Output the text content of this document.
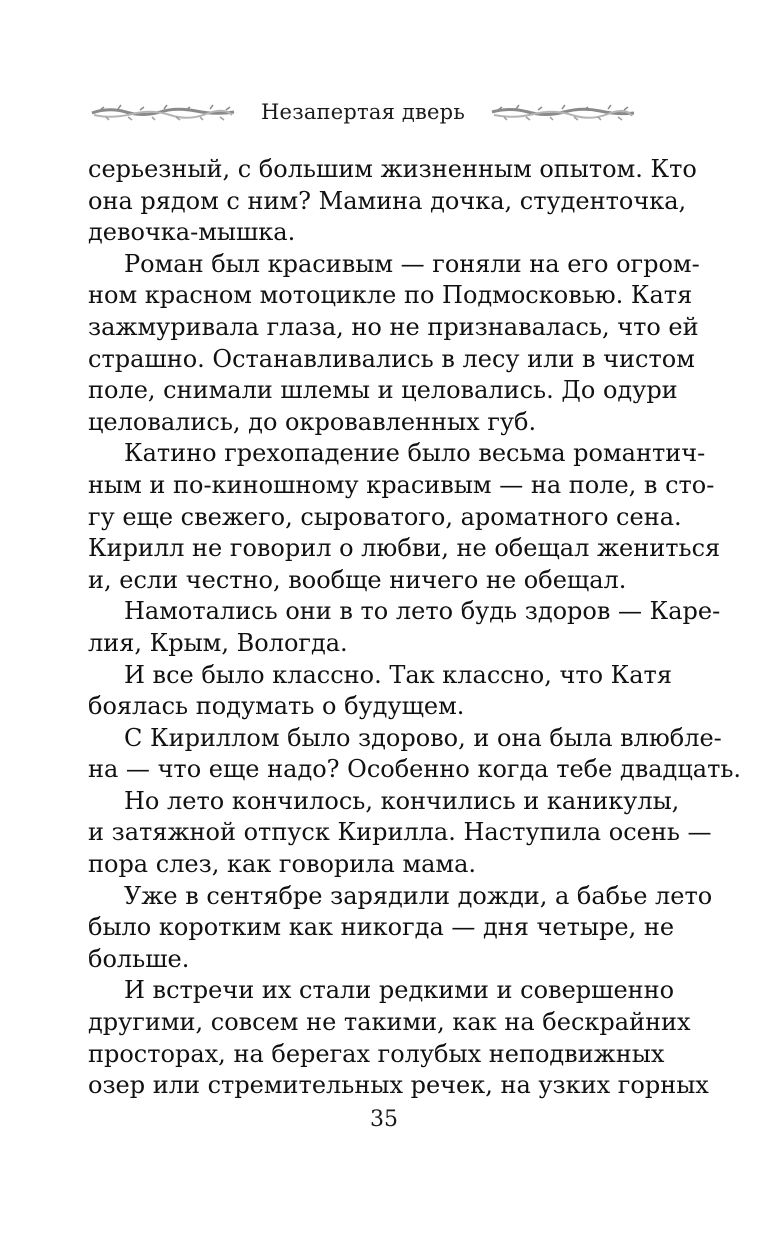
Незапертая дверь
серьезный, с большим жизненным опытом. Кто
она рядом с ним? Мамина дочка, студенточка,
девочка-мышка.
Роман был красивым — гоняли на его огром-
ном красном мотоцикле по Подмосковью. Катя
зажмуривала глаза, но не признавалась, что ей
страшно. Останавливались в лесу или в чистом
поле, снимали шлемы и целовались. До одури
целовались, до окровавленных губ.
Катино грехопадение было весьма романтич-
ным и по-киношному красивым — на поле, в сто-
гу еще свежего, сыроватого, ароматного сена.
Кирилл не говорил о любви, не обещал жениться
и, если честно, вообще ничего не обещал.
Намотались они в то лето будь здоров — Каре-
лия, Крым, Вологда.
И все было классно. Так классно, что Катя
боялась подумать о будущем.
С Кириллом было здорово, и она была влюбле-
на — что еще надо? Особенно когда тебе двадцать.
Но лето кончилось, кончились и каникулы,
и затяжной отпуск Кирилла. Наступила осень —
пора слез, как говорила мама.
Уже в сентябре зарядили дожди, а бабье лето
было коротким как никогда — дня четыре, не
больше.
И встречи их стали редкими и совершенно
другими, совсем не такими, как на бескрайних
просторах, на берегах голубых неподвижных
озер или стремительных речек, на узких горных
35
